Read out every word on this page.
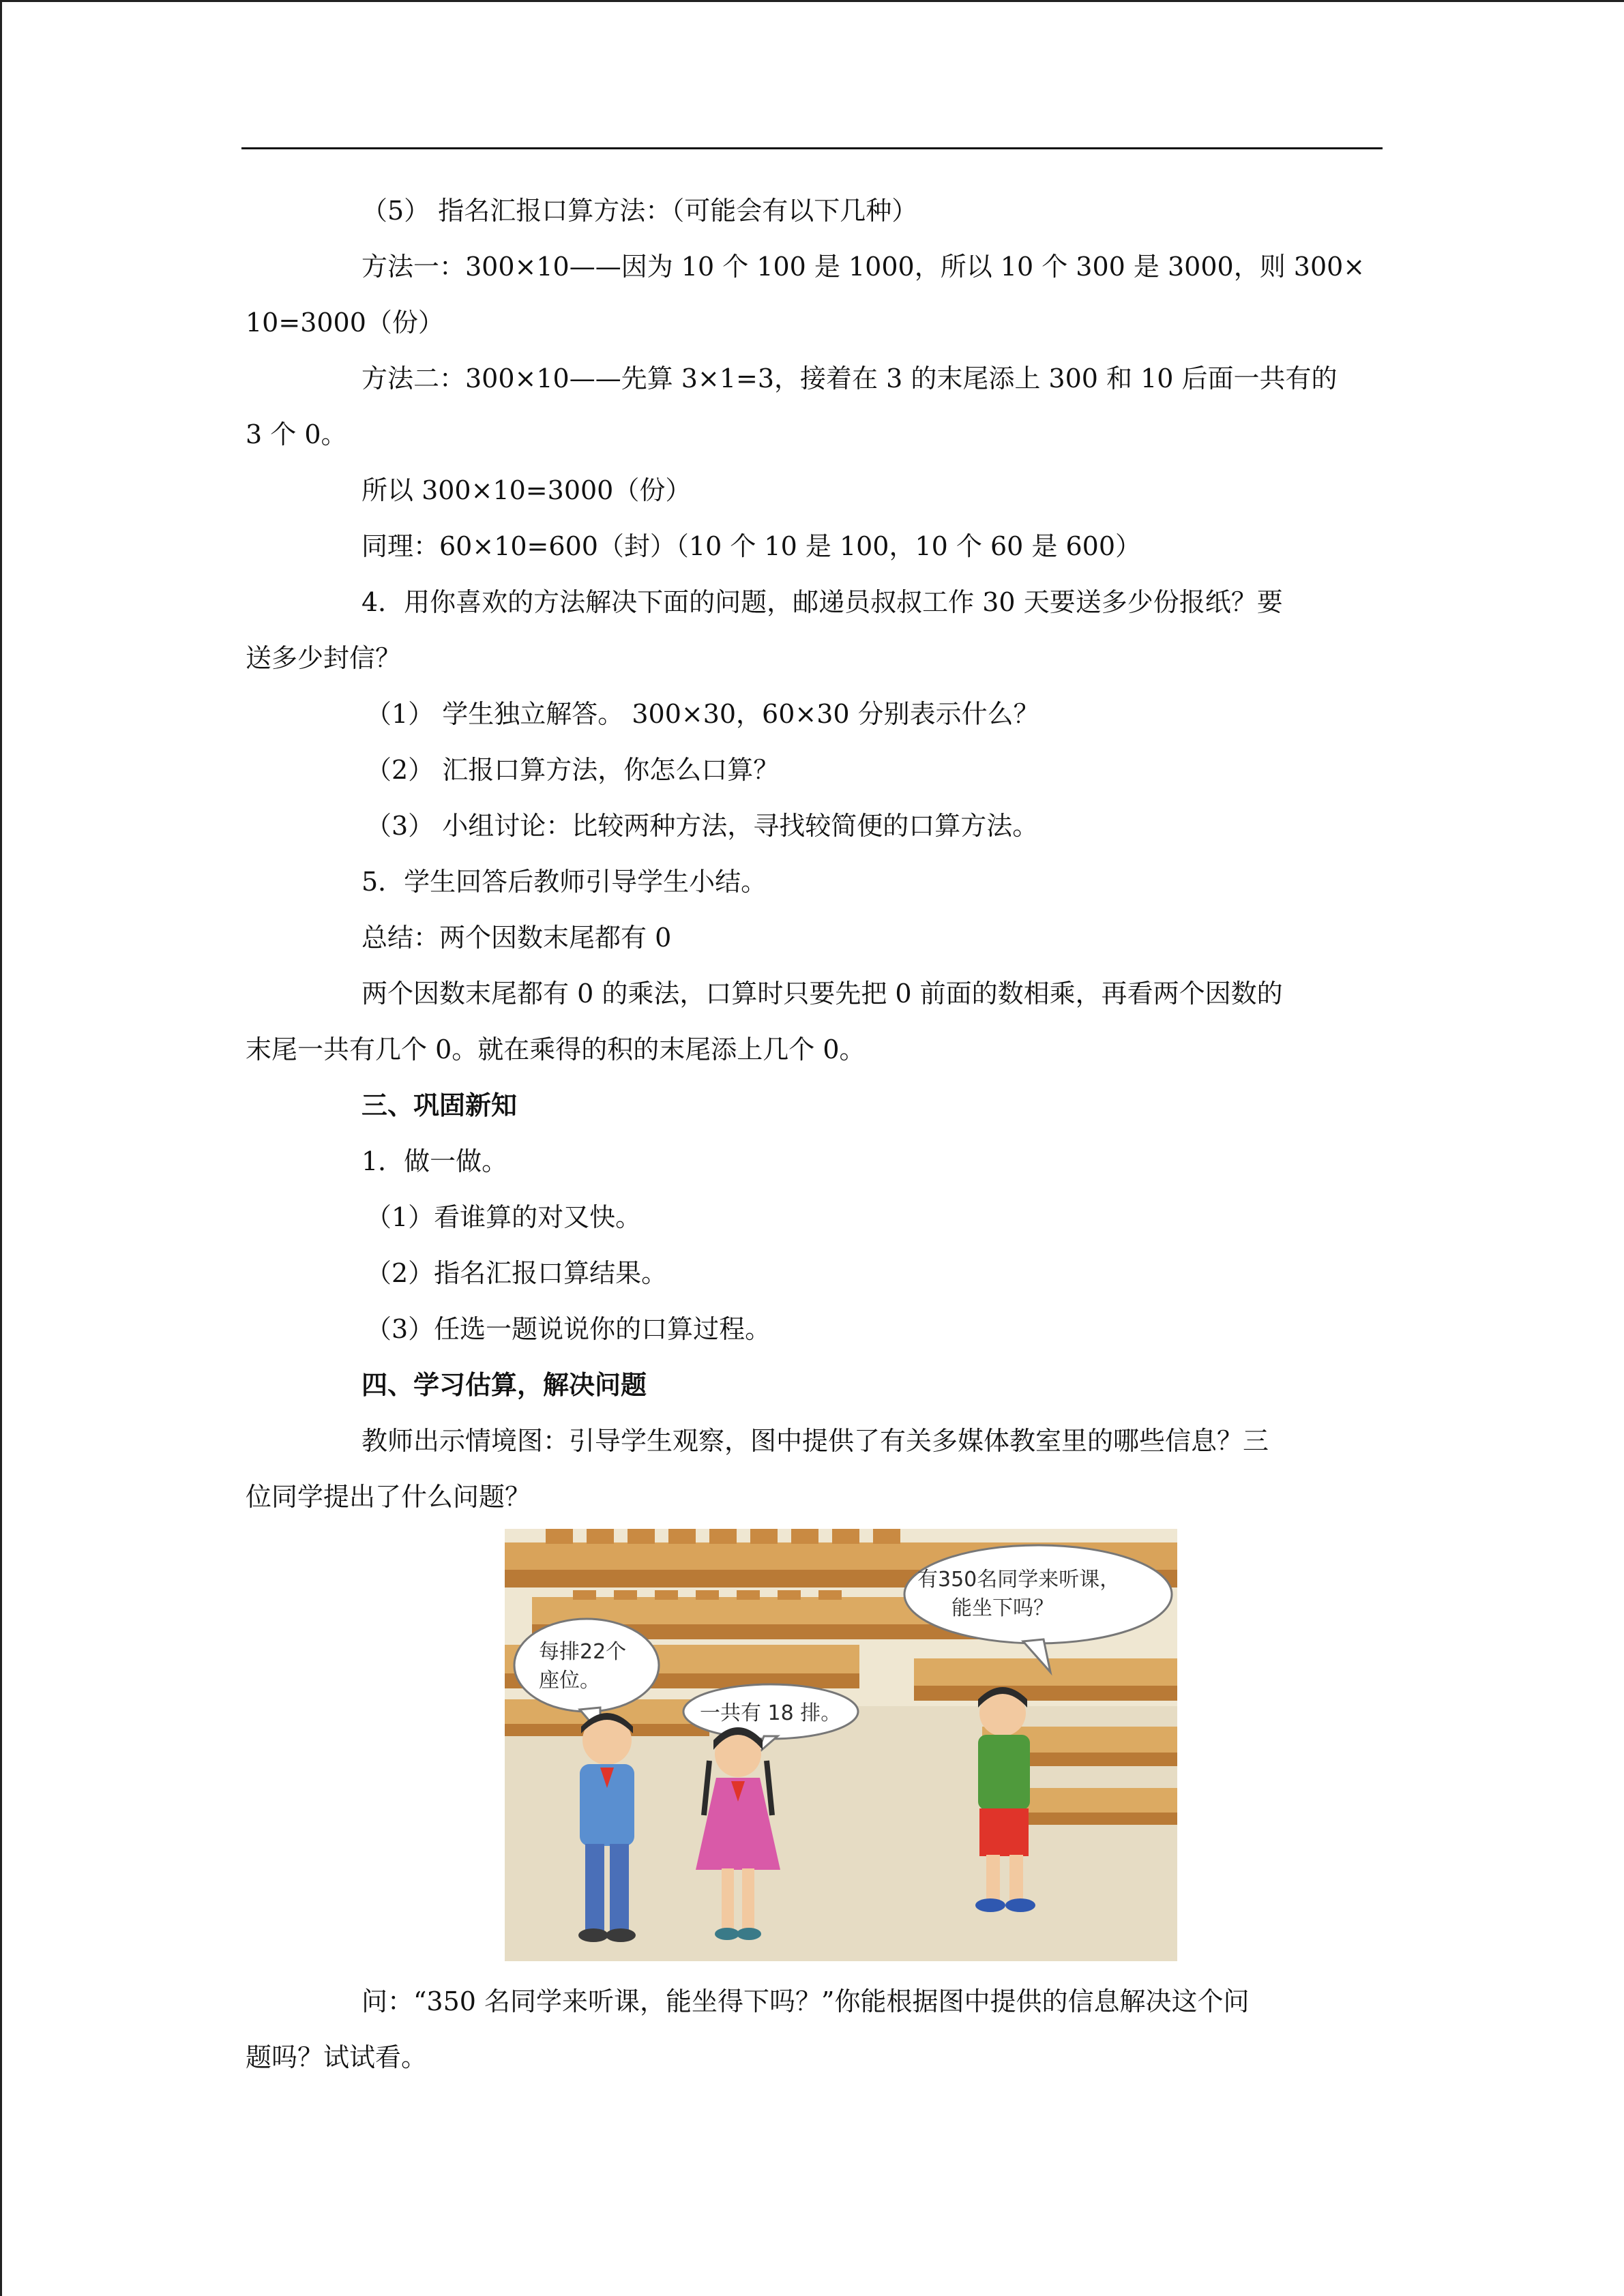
（5） 指名汇报口算方法：（可能会有以下几种）

方法一：300×10——因为 10 个 100 是 1000，所以 10 个 300 是 3000，则 300×

10=3000（份）

方法二：300×10——先算 3×1=3，接着在 3 的末尾添上 300 和 10 后面一共有的

3 个 0。

所以 300×10=3000（份）

同理：60×10=600（封）（10 个 10 是 100，10 个 60 是 600）

4．用你喜欢的方法解决下面的问题，邮递员叔叔工作 30 天要送多少份报纸？要

送多少封信？

（1） 学生独立解答。 300×30，60×30 分别表示什么？

（2） 汇报口算方法，你怎么口算？

（3） 小组讨论：比较两种方法，寻找较简便的口算方法。

5．学生回答后教师引导学生小结。

总结：两个因数末尾都有 0

两个因数末尾都有 0 的乘法，口算时只要先把 0 前面的数相乘，再看两个因数的

末尾一共有几个 0。就在乘得的积的末尾添上几个 0。

三、巩固新知

1．做一做。

（1）看谁算的对又快。

（2）指名汇报口算结果。

（3）任选一题说说你的口算过程。

四、学习估算，解决问题

教师出示情境图：引导学生观察，图中提供了有关多媒体教室里的哪些信息？三

位同学提出了什么问题？

有350名同学来听课，
能坐下吗？
每排22个
座位。
一共有 18 排。

问：“350 名同学来听课，能坐得下吗？”你能根据图中提供的信息解决这个问

题吗？试试看。
